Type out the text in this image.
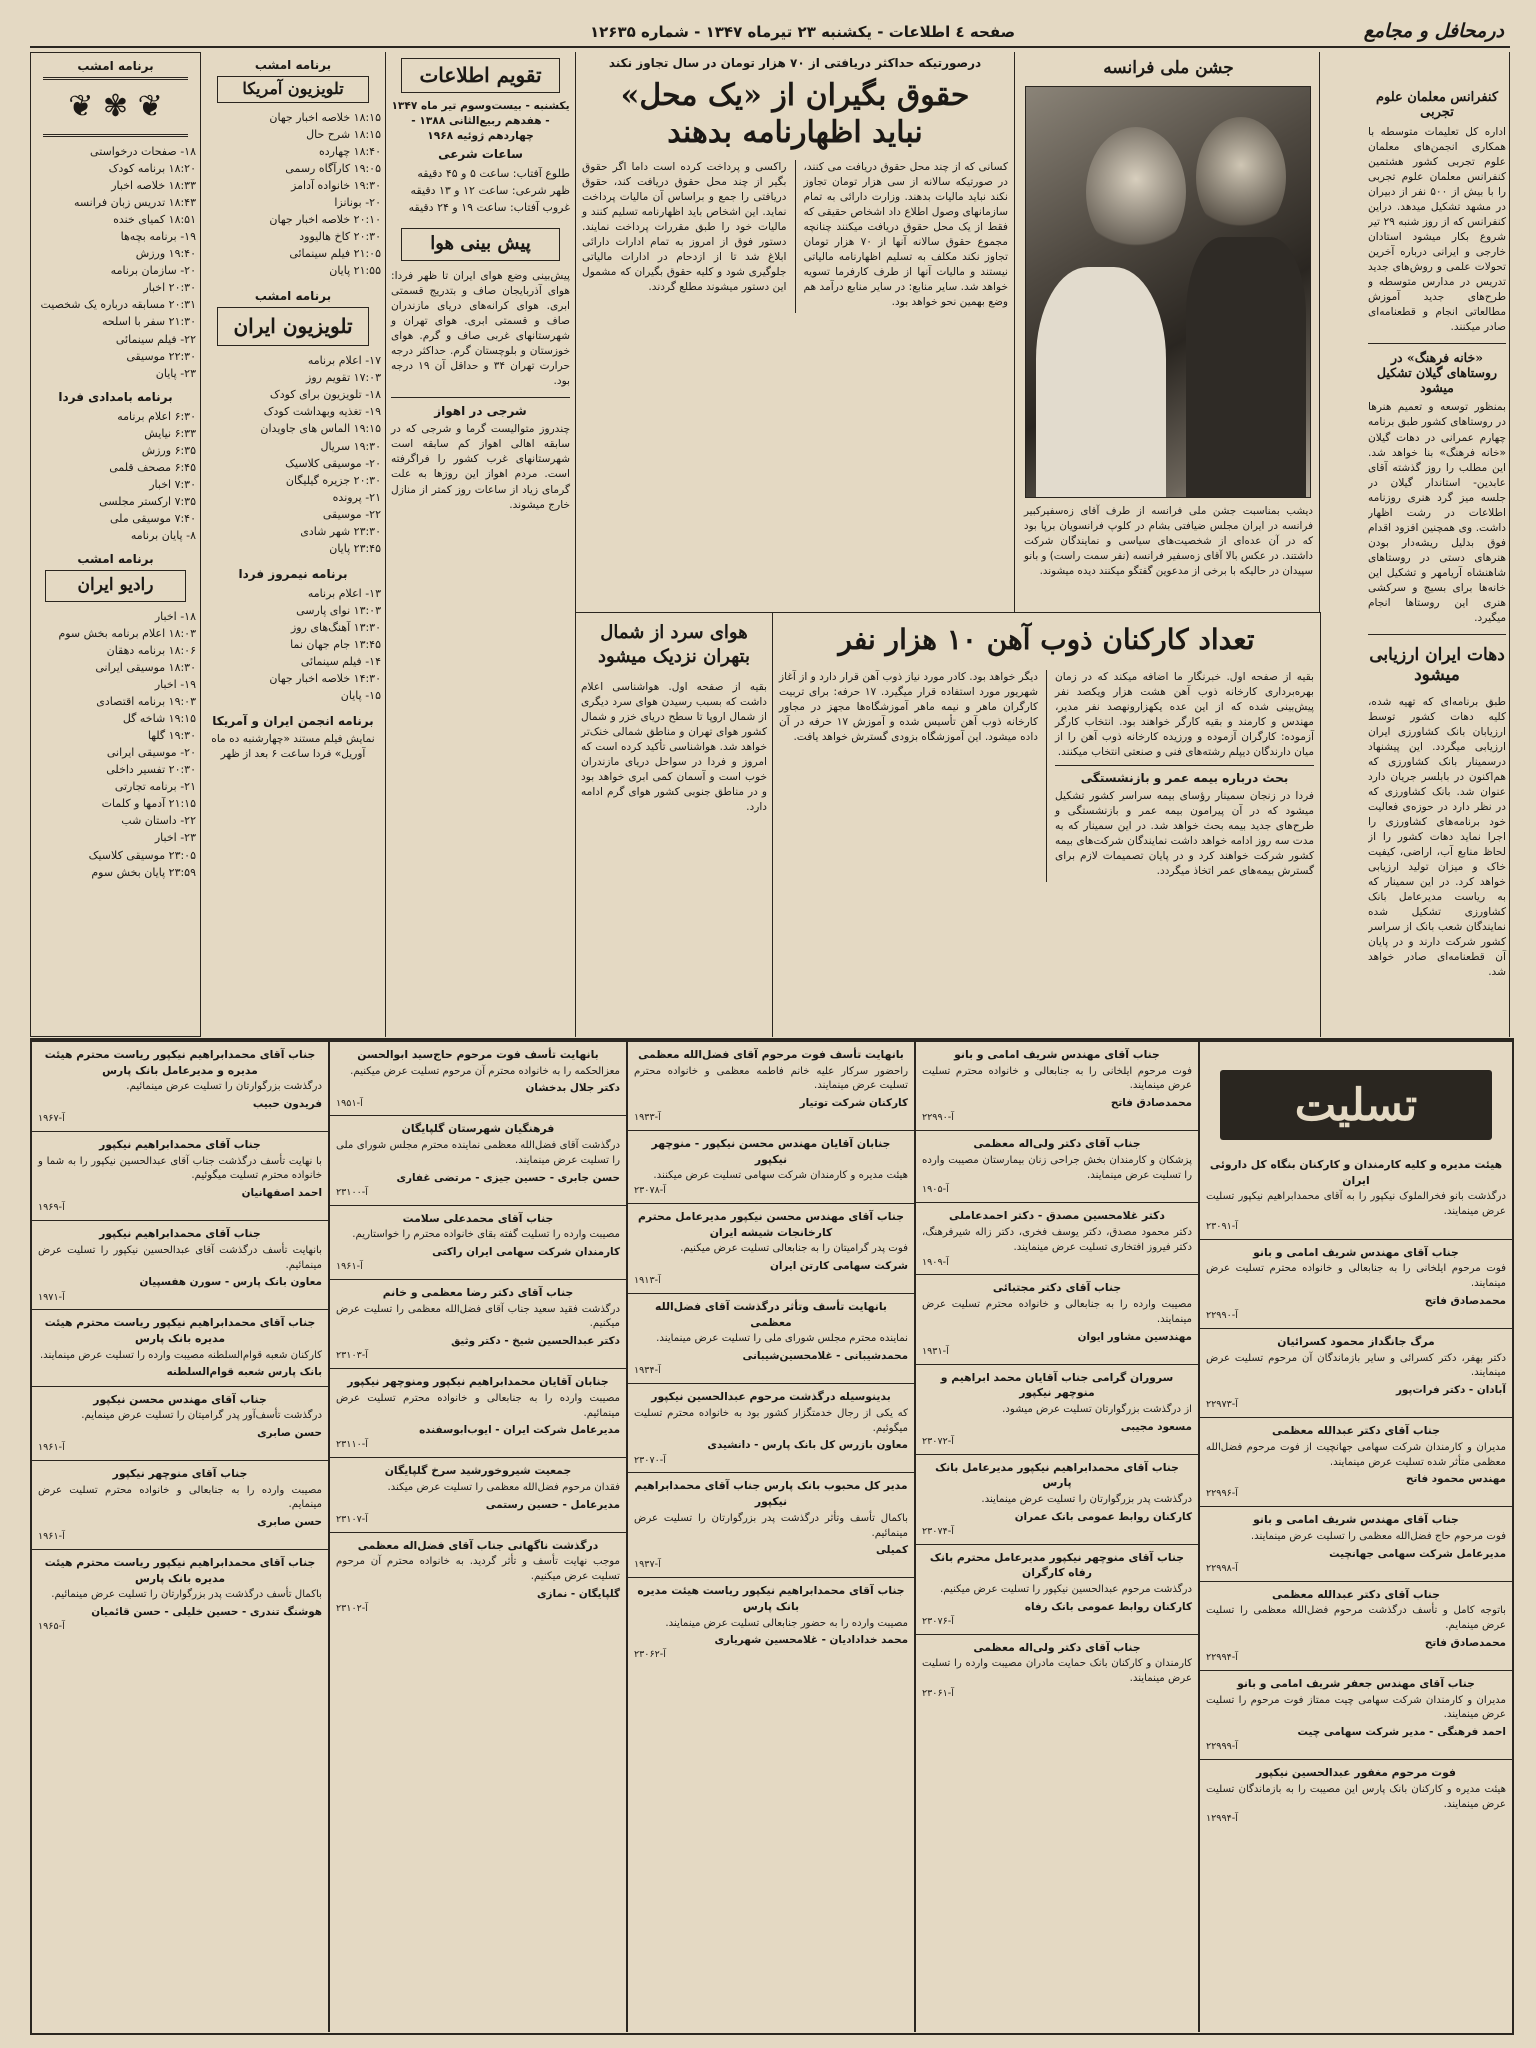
درمحافل و مجامع
صفحه ٤ اطلاعات - یکشنبه ۲۳ تیرماه ۱۳۴۷ - شماره ۱۲۶۳۵
کنفرانس معلمان علوم تجربی

اداره کل تعلیمات متوسطه با همکاری انجمن‌های معلمان علوم تجربی کشور هشتمین کنفرانس معلمان علوم تجربی را با بیش از ۵۰۰ نفر از دبیران در مشهد تشکیل میدهد. دراین کنفرانس که از روز شنبه ۲۹ تیر شروع بکار میشود استادان خارجی و ایرانی درباره آخرین تحولات علمی و روش‌های جدید تدریس در مدارس متوسطه و طرح‌های جدید آموزش مطالعاتی انجام و قطعنامه‌ای صادر میکنند.

«خانه فرهنگ» در روستاهای گیلان تشکیل میشود

بمنظور توسعه و تعمیم هنرها در روستا‌های کشور طبق برنامه چهارم عمرانی در دهات گیلان «خانه فرهنگ» بنا خواهد شد. این مطلب را روز گذشته آقای عابدین- استاندار گیلان در جلسه میز گرد هنری روزنامه اطلاعات در رشت اظهار داشت. وی همچنین افزود اقدام فوق بدلیل ریشه‌دار بودن هنرهای دستی در روستا‌های شاهنشاه آریامهر و تشکیل این خانه‌ها برای بسیج و سرکشی هنری این روستاها انجام میگیرد.

دهات ایران ارزیابی میشود

طبق برنامه‌ای که تهیه شده، کلیه دهات کشور توسط ارزیابان بانک کشاورزی ایران ارزیابی میگردد. این پیشنهاد درسمینار بانک کشاورزی که هم‌اکنون در بابلسر جریان دارد عنوان شد. بانک کشاورزی که در نظر دارد در حوزه‌ی فعالیت خود برنامه‌های کشاورزی را اجرا نماید دهات کشور را از لحاظ منابع آب، اراضی، کیفیت خاک و میزان تولید ارزیابی خواهد کرد. در این سمینار که به ریاست مدیرعامل بانک کشاورزی تشکیل شده نمایندگان شعب بانک از سراسر کشور شرکت دارند و در پایان آن قطعنامه‌ای صادر خواهد شد.

جشن ملی فرانسه

دیشب بمناسبت جشن ملی فرانسه از طرف آقای زه‌سفیرکبیر فرانسه در ایران مجلس ضیافتی بشام در کلوپ فرانسویان برپا بود که در آن عده‌ای از شخصیت‌های سیاسی و نمایندگان شرکت داشتند. در عکس بالا آقای زه‌سفیر فرانسه (نفر سمت راست) و بانو سپیدان در حالیکه با برخی از مدعوین گفتگو میکنند دیده میشوند.

درصورتیکه حداکثر دریافتی از ۷۰ هزار تومان در سال تجاوز نکند
حقوق بگیران از «یک محل»
نباید اظهارنامه بدهند

کسانی که از چند محل حقوق دریافت می کنند، در صورتیکه سالانه از سی هزار تومان تجاوز نکند نباید مالیات بدهند. وزارت دارائی به تمام سازمانهای وصول اطلاع داد اشخاص حقیقی که فقط از یک محل حقوق دریافت میکنند چنانچه مجموع حقوق سالانه آنها از ۷۰ هزار تومان تجاوز نکند مکلف به تسلیم اظهارنامه مالیاتی نیستند و مالیات آنها از طرف کارفرما تسویه خواهد شد. سایر منابع: در سایر منابع درآمد هم وضع بهمین نحو خواهد بود.

راکسی و پرداخت کرده است داما اگر حقوق بگیر از چند محل حقوق دریافت کند، حقوق دریافتی را جمع و براساس آن مالیات پرداخت نماید. این اشخاص باید اظهارنامه تسلیم کنند و مالیات خود را طبق مقررات پرداخت نمایند. دستور فوق از امروز به تمام ادارات دارائی ابلاغ شد تا از ازدحام در ادارات مالیاتی جلوگیری شود و کلیه حقوق بگیران که مشمول این دستور میشوند مطلع گردند.

تعداد کارکنان ذوب آهن ۱۰ هزار نفر

بقیه از صفحه اول. خبرنگار ما اضافه میکند که در زمان بهره‌برداری کارخانه ذوب آهن هشت هزار ویکصد نفر پیش‌بینی شده که از این عده یکهزارونهصد نفر مدیر، مهندس و کارمند و بقیه کارگر خواهند بود. انتخاب کارگر آزموده: کارگران آزموده و ورزیده کارخانه ذوب آهن را از میان دارندگان دیپلم رشته‌های فنی و صنعتی انتخاب میکنند.

بحث درباره بیمه عمر و بازنشستگی

فردا در زنجان سمینار رؤسای بیمه سراسر کشور تشکیل میشود که در آن پیرامون بیمه عمر و بازنشستگی و طرح‌های جدید بیمه بحث خواهد شد. در این سمینار که به مدت سه روز ادامه خواهد داشت نمایندگان شرکت‌های بیمه کشور شرکت خواهند کرد و در پایان تصمیمات لازم برای گسترش بیمه‌های عمر اتخاذ میگردد.

دیگر خواهد بود. کادر مورد نیاز ذوب آهن قرار دارد و از آغاز شهریور مورد استفاده قرار میگیرد. ۱۷ حرفه: برای تربیت کارگران ماهر و نیمه ماهر آموزشگاه‌ها مجهز در مجاور کارخانه ذوب آهن تأسیس شده و آموزش ۱۷ حرفه در آن داده میشود. این آموزشگاه بزودی گسترش خواهد یافت.

هوای سرد از شمال بتهران نزدیک میشود

بقیه از صفحه اول. هواشناسی اعلام داشت که بسبب رسیدن هوای سرد دیگری از شمال اروپا تا سطح دریای خزر و شمال کشور هوای تهران و مناطق شمالی خنک‌تر خواهد شد. هواشناسی تأکید کرده است که امروز و فردا در سواحل دریای مازندران خوب است و آسمان کمی ابری خواهد بود و در مناطق جنوبی کشور هوای گرم ادامه دارد.

تقویم اطلاعات

یکشنبه - بیست‌وسوم تیر ماه ۱۳۴۷ - هفدهم ربیع‌الثانی ۱۳۸۸ - چهاردهم ژوئیه ۱۹۶۸

ساعات شرعی
طلوع آفتاب: ساعت ۵ و ۴۵ دقیقه
ظهر شرعی: ساعت ۱۲ و ۱۳ دقیقه
غروب آفتاب: ساعت ۱۹ و ۲۴ دقیقه
پیش بینی هوا

پیش‌بینی وضع هوای ایران تا ظهر فردا: هوای آذربایجان صاف و بتدریج قسمتی ابری. هوای کرانه‌های دریای مازندران صاف و قسمتی ابری. هوای تهران و شهرستانهای غربی صاف و گرم. هوای خوزستان و بلوچستان گرم. حداکثر درجه حرارت تهران ۳۴ و حداقل آن ۱۹ درجه بود.

شرجی در اهواز

چندروز متوالیست گرما و شرجی که در سابقه اهالی اهواز کم سابقه است شهرستانهای غرب کشور را فراگرفته است. مردم اهواز این روزها به علت گرمای زیاد از ساعات روز کمتر از منازل خارج میشوند.

برنامه امشب
تلویزیون آمریکا
۱۸:۱۵ خلاصه اخبار جهان
۱۸:۱۵ شرح حال
۱۸:۴۰ چهارده
۱۹:۰۵ کارآگاه رسمی
۱۹:۳۰ خانواده آدامز
۲۰- بونانزا
۲۰:۱۰ خلاصه اخبار جهان
۲۰:۳۰ کاخ هالیوود
۲۱:۰۵ فیلم سینمائی
۲۱:۵۵ پایان
برنامه امشب
تلویزیون ایران
۱۷- اعلام برنامه
۱۷:۰۳ تقویم روز
۱۸- تلویزیون برای کودک
۱۹- تغذیه وبهداشت کودک
۱۹:۱۵ الماس های جاویدان
۱۹:۳۰ سریال
۲۰- موسیقی کلاسیک
۲۰:۳۰ جزیره گیلیگان
۲۱- پرونده
۲۲- موسیقی
۲۳:۳۰ شهر شادی
۲۳:۴۵ پایان
برنامه نیمروز فردا
۱۳- اعلام برنامه
۱۳:۰۳ نوای پارسی
۱۳:۳۰ آهنگ‌های روز
۱۳:۴۵ جام جهان نما
۱۴- فیلم سینمائی
۱۴:۳۰ خلاصه اخبار جهان
۱۵- پایان
برنامه انجمن ایران و آمریکا

نمایش فیلم مستند «چهارشنبه ده ماه آوریل» فردا ساعت ۶ بعد از ظهر

برنامه امشب
❦ ✾ ❦
۱۸- صفحات درخواستی
۱۸:۲۰ برنامه کودک
۱۸:۳۳ خلاصه اخبار
۱۸:۴۳ تدریس زبان فرانسه
۱۸:۵۱ کمیای خنده
۱۹- برنامه بچه‌ها
۱۹:۴۰ ورزش
۲۰- سازمان برنامه
۲۰:۳۰ اخبار
۲۰:۳۱ مسابقه درباره یک شخصیت
۲۱:۳۰ سفر با اسلحه
۲۲- فیلم سینمائی
۲۲:۳۰ موسیقی
۲۳- پایان
برنامه بامدادی فردا
۶:۳۰ اعلام برنامه
۶:۳۳ نیایش
۶:۳۵ ورزش
۶:۴۵ مصحف قلمی
۷:۳۰ اخبار
۷:۳۵ ارکستر مجلسی
۷:۴۰ موسیقی ملی
۸- پایان برنامه
برنامه امشب
رادیو ایران
۱۸- اخبار
۱۸:۰۳ اعلام برنامه بخش سوم
۱۸:۰۶ برنامه دهقان
۱۸:۳۰ موسیقی ایرانی
۱۹- اخبار
۱۹:۰۳ برنامه اقتصادی
۱۹:۱۵ شاخه گل
۱۹:۳۰ گلها
۲۰- موسیقی ایرانی
۲۰:۳۰ تفسیر داخلی
۲۱- برنامه تجارتی
۲۱:۱۵ آدمها و کلمات
۲۲- داستان شب
۲۳- اخبار
۲۳:۰۵ موسیقی کلاسیک
۲۳:۵۹ پایان بخش سوم
تسلیت
هیئت مدیره و کلیه کارمندان و کارکنان بنگاه کل داروئی ایران
درگذشت بانو فخرالملوک نیکپور را به آقای محمدابراهیم نیکپور تسلیت عرض مینمایند.
آ-۲۳۰۹۱
جناب آقای مهندس شریف امامی و بانو
فوت مرحوم ایلخانی را به جنابعالی و خانواده محترم تسلیت عرض مینمایند.
محمدصادق فاتح
آ-۲۲۹۹۰
مرگ جانگداز محمود کسرائیان
دکتر بهفر، دکتر کسرائی و سایر بازماندگان آن مرحوم تسلیت عرض مینمایند.
آبادان - دکتر فرات‌پور
آ-۲۲۹۷۳
جناب آقای دکتر عبدالله معظمی
مدیران و کارمندان شرکت سهامی جهانچیت از فوت مرحوم فضل‌الله معظمی متأثر شده تسلیت عرض مینمایند.
مهندس محمود فاتح
آ-۲۲۹۹۶
جناب آقای مهندس شریف امامی و بانو
فوت مرحوم حاج فضل‌الله معظمی را تسلیت عرض مینمایند.
مدیرعامل شرکت سهامی جهانچیت
آ-۲۲۹۹۸
جناب آقای دکتر عبدالله معظمی
باتوجه کامل و تأسف درگذشت مرحوم فضل‌الله معظمی را تسلیت عرض مینمایم.
محمدصادق فاتح
آ-۲۲۹۹۴
جناب آقای مهندس جعفر شریف امامی و بانو
مدیران و کارمندان شرکت سهامی چیت ممتاز فوت مرحوم را تسلیت عرض مینمایند.
احمد فرهنگی - مدیر شرکت سهامی چیت
آ-۲۲۹۹۹
فوت مرحوم مغفور عبدالحسین نیکپور
هیئت مدیره و کارکنان بانک پارس این مصیبت را به بازماندگان تسلیت عرض مینمایند.
آ-۱۲۹۹۴
جناب آقای مهندس شریف امامی و بانو
فوت مرحوم ایلخانی را به جنابعالی و خانواده محترم تسلیت عرض مینمایند.
محمدصادق فاتح
آ-۲۲۹۹۰
جناب آقای دکتر ولی‌اله معظمی
پزشکان و کارمندان بخش جراحی زنان بیمارستان مصیبت وارده را تسلیت عرض مینمایند.
آ-۱۹۰۵
دکتر غلامحسین مصدق - دکتر احمدعاملی
دکتر محمود مصدق، دکتر یوسف فخری، دکتر زاله شیرفرهنگ، دکتر فیروز افتخاری تسلیت عرض مینمایند.
آ-۱۹۰۹
جناب آقای دکتر مجتبائی
مصیبت وارده را به جنابعالی و خانواده محترم تسلیت عرض مینمایند.
مهندسین مشاور ایوان
آ-۱۹۳۱
سروران گرامی جناب آقایان محمد ابراهیم و منوچهر نیکپور
از درگذشت بزرگوارتان تسلیت عرض میشود.
مسعود مجیبی
آ-۲۳۰۷۲
جناب آقای محمدابراهیم نیکپور مدیرعامل بانک پارس
درگذشت پدر بزرگوارتان را تسلیت عرض مینمایند.
کارکنان روابط عمومی بانک عمران
آ-۲۳۰۷۴
جناب آقای منوچهر نیکپور مدیرعامل محترم بانک رفاه کارگران
درگذشت مرحوم عبدالحسین نیکپور را تسلیت عرض میکنیم.
کارکنان روابط عمومی بانک رفاه
آ-۲۳۰۷۶
جناب آقای دکتر ولی‌اله معظمی
کارمندان و کارکنان بانک حمایت مادران مصیبت وارده را تسلیت عرض مینمایند.
آ-۲۳۰۶۱
بانهایت تأسف فوت مرحوم آقای فضل‌الله معظمی
راحضور سرکار علیه خانم فاطمه معظمی و خانواده محترم تسلیت عرض مینمایند.
کارکنان شرکت توتیار
آ-۱۹۳۳
جنابان آقایان مهندس محسن نیکپور - منوچهر نیکپور
هیئت مدیره و کارمندان شرکت سهامی تسلیت عرض میکنند.
آ-۲۳۰۷۸
جناب آقای مهندس محسن نیکپور مدیرعامل محترم کارخانجات شیشه ایران
فوت پدر گرامیتان را به جنابعالی تسلیت عرض میکنیم.
شرکت سهامی کارتن ایران
آ-۱۹۱۳
بانهایت تأسف وتأثر درگذشت آقای فضل‌الله معظمی
نماینده محترم مجلس شورای ملی را تسلیت عرض مینمایند.
محمدشیبانی - غلامحسین‌شیبانی
آ-۱۹۳۴
بدینوسیله درگذشت مرحوم عبدالحسین نیکپور
که یکی از رجال خدمتگزار کشور بود به خانواده محترم تسلیت میگوئیم.
معاون بازرس کل بانک پارس - دانشیدی
آ-۲۳۰۷۰
مدیر کل محبوب بانک پارس جناب آقای محمدابراهیم نیکپور
باکمال تأسف وتأثر درگذشت پدر بزرگوارتان را تسلیت عرض مینمائیم.
کمیلی
آ-۱۹۳۷
جناب آقای محمدابراهیم نیکپور ریاست هیئت مدیره بانک پارس
مصیبت وارده را به حضور جنابعالی تسلیت عرض مینمایند.
محمد خدادادیان - غلامحسین شهریاری
آ-۲۳۰۶۲
بانهایت تأسف فوت مرحوم حاج‌سید ابوالحسن
معزالحکمه را به خانواده محترم آن مرحوم تسلیت عرض میکنیم.
دکتر جلال بدخشان
آ-۱۹۵۱
فرهنگیان شهرستان گلپایگان
درگذشت آقای فضل‌الله معظمی نماینده محترم مجلس شورای ملی را تسلیت عرض مینمایند.
حسن جابری - حسین جیزی - مرتضی غفاری
آ-۲۳۱۰۰
جناب آقای محمدعلی سلامت
مصیبت وارده را تسلیت گفته بقای خانواده محترم را خواستاریم.
کارمندان شرکت سهامی ایران راکتی
آ-۱۹۶۱
جناب آقای دکتر رضا معظمی و خانم
درگذشت فقید سعید جناب آقای فضل‌الله معظمی را تسلیت عرض میکنیم.
دکتر عبدالحسین شیخ - دکتر وثیق
آ-۲۳۱۰۳
جنابان آقایان محمدابراهیم نیکپور ومنوچهر نیکپور
مصیبت وارده را به جنابعالی و خانواده محترم تسلیت عرض مینمائیم.
مدیرعامل شرکت ایران - ایوب‌ابوسفنده
آ-۲۳۱۱۰
جمعیت شیروخورشید سرخ گلپایگان
فقدان مرحوم فضل‌الله معظمی را تسلیت عرض میکند.
مدیرعامل - حسین رستمی
آ-۲۳۱۰۷
درگذشت ناگهانی جناب آقای فضل‌اله معظمی
موجب نهایت تأسف و تأثر گردید. به خانواده محترم آن مرحوم تسلیت عرض میکنیم.
گلپایگان - نمازی
آ-۲۳۱۰۲
جناب آقای محمدابراهیم نیکپور ریاست محترم هیئت مدیره و مدیرعامل بانک پارس
درگذشت بزرگوارتان را تسلیت عرض مینمائیم.
فریدون حبیب
آ-۱۹۶۷
جناب آقای محمدابراهیم نیکپور
با نهایت تأسف درگذشت جناب آقای عبدالحسین نیکپور را به شما و خانواده محترم تسلیت میگوئیم.
احمد اصفهانیان
آ-۱۹۶۹
جناب آقای محمدابراهیم نیکپور
بانهایت تأسف درگذشت آقای عبدالحسین نیکپور را تسلیت عرض مینمائیم.
معاون بانک پارس - سورن هفسپیان
آ-۱۹۷۱
جناب آقای محمدابراهیم نیکپور ریاست محترم هیئت مدیره بانک پارس
کارکنان شعبه قوام‌السلطنه مصیبت وارده را تسلیت عرض مینمایند.
بانک پارس شعبه قوام‌السلطنه
جناب آقای مهندس محسن نیکپور
درگذشت تأسف‌آور پدر گرامیتان را تسلیت عرض مینمایم.
حسن صابری
آ-۱۹۶۱
جناب آقای منوچهر نیکپور
مصیبت وارده را به جنابعالی و خانواده محترم تسلیت عرض مینمایم.
حسن صابری
آ-۱۹۶۱
جناب آقای محمدابراهیم نیکپور ریاست محترم هیئت مدیره بانک پارس
باکمال تأسف درگذشت پدر بزرگوارتان را تسلیت عرض مینمائیم.
هوشنگ تندری - حسین خلیلی - حسن قائمیان
آ-۱۹۶۵
